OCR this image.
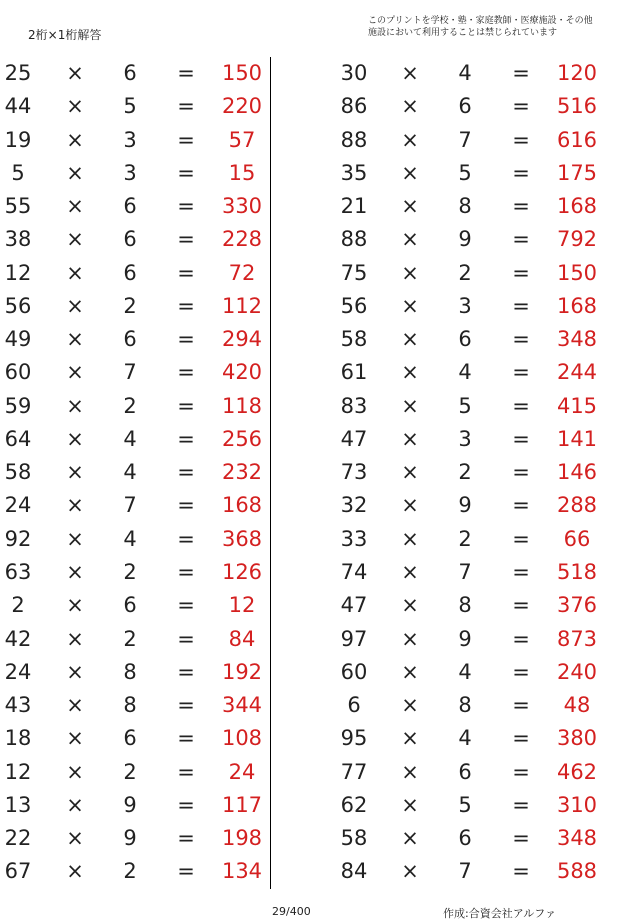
2桁×1桁解答
このプリントを学校・塾・家庭教師・医療施設・その他
施設において利用することは禁じられています
25	×	6	=	150
44	×	5	=	220
19	×	3	=	57
5	×	3	=	15
55	×	6	=	330
38	×	6	=	228
12	×	6	=	72
56	×	2	=	112
49	×	6	=	294
60	×	7	=	420
59	×	2	=	118
64	×	4	=	256
58	×	4	=	232
24	×	7	=	168
92	×	4	=	368
63	×	2	=	126
2	×	6	=	12
42	×	2	=	84
24	×	8	=	192
43	×	8	=	344
18	×	6	=	108
12	×	2	=	24
13	×	9	=	117
22	×	9	=	198
67	×	2	=	134
30	×	4	=	120
86	×	6	=	516
88	×	7	=	616
35	×	5	=	175
21	×	8	=	168
88	×	9	=	792
75	×	2	=	150
56	×	3	=	168
58	×	6	=	348
61	×	4	=	244
83	×	5	=	415
47	×	3	=	141
73	×	2	=	146
32	×	9	=	288
33	×	2	=	66
74	×	7	=	518
47	×	8	=	376
97	×	9	=	873
60	×	4	=	240
6	×	8	=	48
95	×	4	=	380
77	×	6	=	462
62	×	5	=	310
58	×	6	=	348
84	×	7	=	588
29/400	作成:合資会社アルファ
